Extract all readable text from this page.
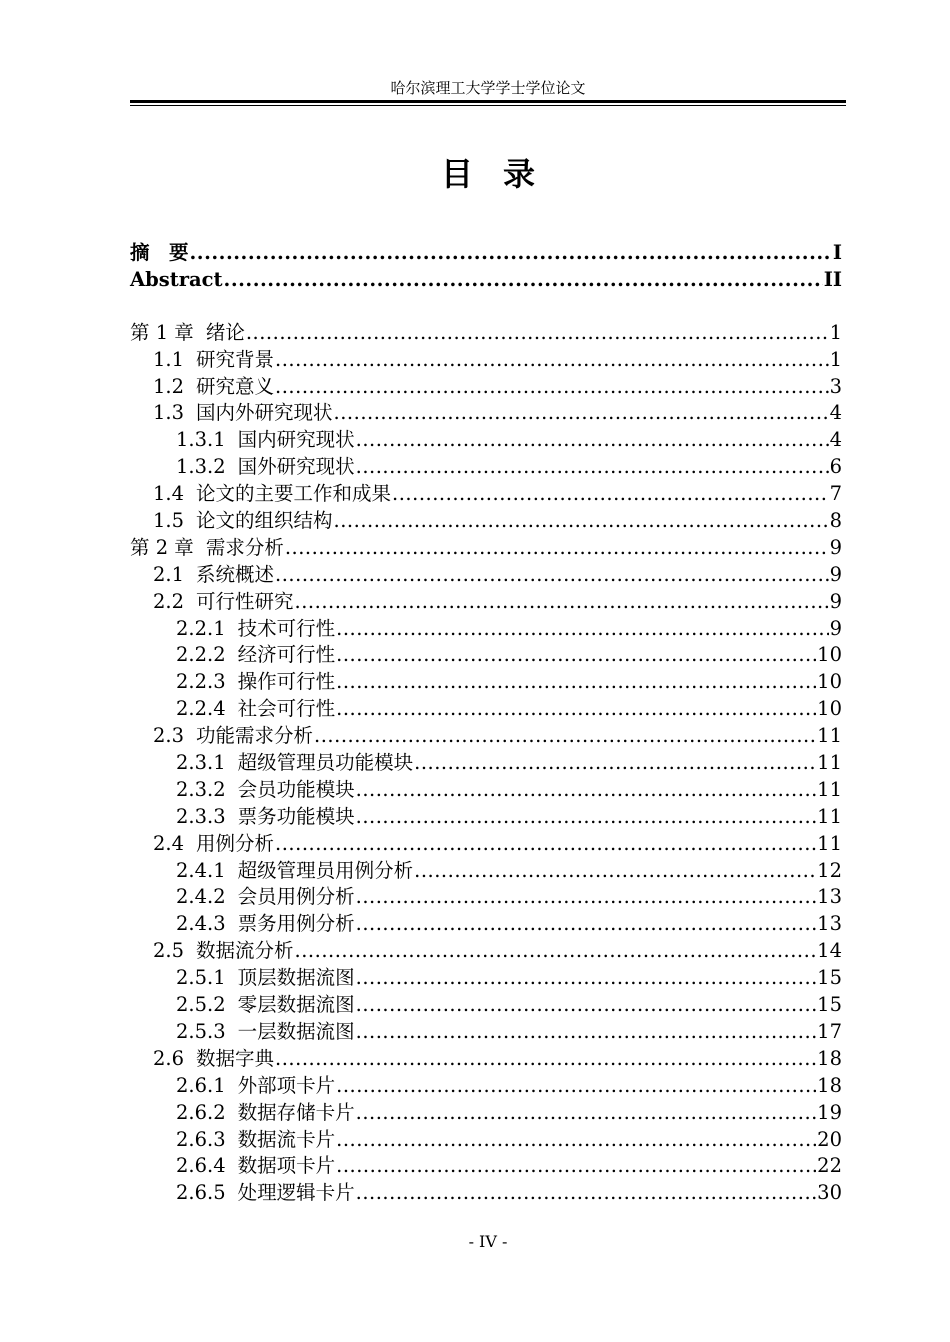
哈尔滨理工大学学士学位论文
目录
摘　要 .....	I
Abstract .....	II
第 1 章 绪论 .....	1
1.1 研究背景 .....	1
1.2 研究意义 .....	3
1.3 国内外研究现状 .....	4
1.3.1 国内研究现状 .....	4
1.3.2 国外研究现状 .....	6
1.4 论文的主要工作和成果 .....	7
1.5 论文的组织结构 .....	8
第 2 章 需求分析 .....	9
2.1 系统概述 .....	9
2.2 可行性研究 .....	9
2.2.1 技术可行性 .....	9
2.2.2 经济可行性 .....	10
2.2.3 操作可行性 .....	10
2.2.4 社会可行性 .....	10
2.3 功能需求分析 .....	11
2.3.1 超级管理员功能模块 .....	11
2.3.2 会员功能模块 .....	11
2.3.3 票务功能模块 .....	11
2.4 用例分析 .....	11
2.4.1 超级管理员用例分析 .....	12
2.4.2 会员用例分析 .....	13
2.4.3 票务用例分析 .....	13
2.5 数据流分析 .....	14
2.5.1 顶层数据流图 .....	15
2.5.2 零层数据流图 .....	15
2.5.3 一层数据流图 .....	17
2.6 数据字典 .....	18
2.6.1 外部项卡片 .....	18
2.6.2 数据存储卡片 .....	19
2.6.3 数据流卡片 .....	20
2.6.4 数据项卡片 .....	22
2.6.5 处理逻辑卡片 .....	30
- IV -
